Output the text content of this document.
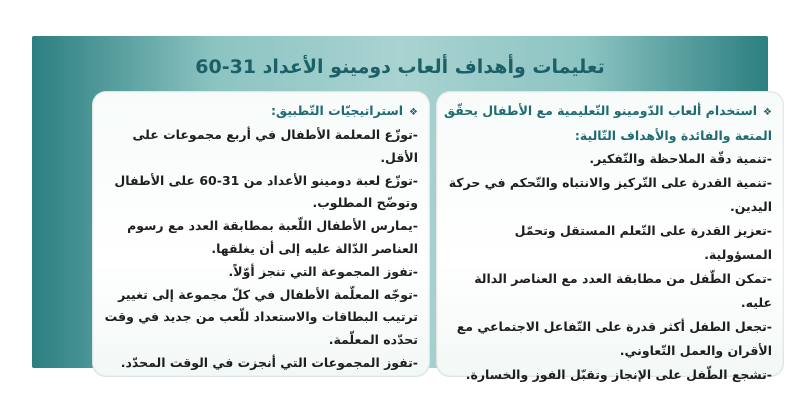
تعليمات وأهداف ألعاب دومينو الأعداد 31-60
❖استخدام ألعاب الدّومينو التّعليمية مع الأطفال يحقّق
المتعة والفائدة والأهداف التّالية:
-تنمية دقّة الملاحظة والتّفكير.
-تنمية القدرة على التّركيز والانتباه والتّحكم في حركة اليدين.
-تعزيز القدرة على التّعلم المستقل وتحمّل المسؤولية.
-تمكن الطّفل من مطابقة العدد مع العناصر الدالة عليه.
-تجعل الطفل أكثر قدرة على التّفاعل الاجتماعي مع الأقران والعمل التّعاوني.
-تشجع الطّفل على الإنجاز وتقبّل الفوز والخسارة.
❖استراتيجيّات التّطبيق:
-توزّع المعلمة الأطفال في أربع مجموعات على الأقل.
-توزّع لعبة دومينو الأعداد من 31-60 على الأطفال وتوضّح المطلوب.
-يمارس الأطفال اللّعبة بمطابقة العدد مع رسوم العناصر الدّالة عليه إلى أن يغلقها.
-تفوز المجموعة التي تنجز أوّلاً.
-توجّه المعلّمة الأطفال في كلّ مجموعة إلى تغيير ترتيب البطاقات والاستعداد للّعب من جديد في وقت تحدّده المعلّمة.
-تفوز المجموعات التي أنجزت في الوقت المحدّد.
